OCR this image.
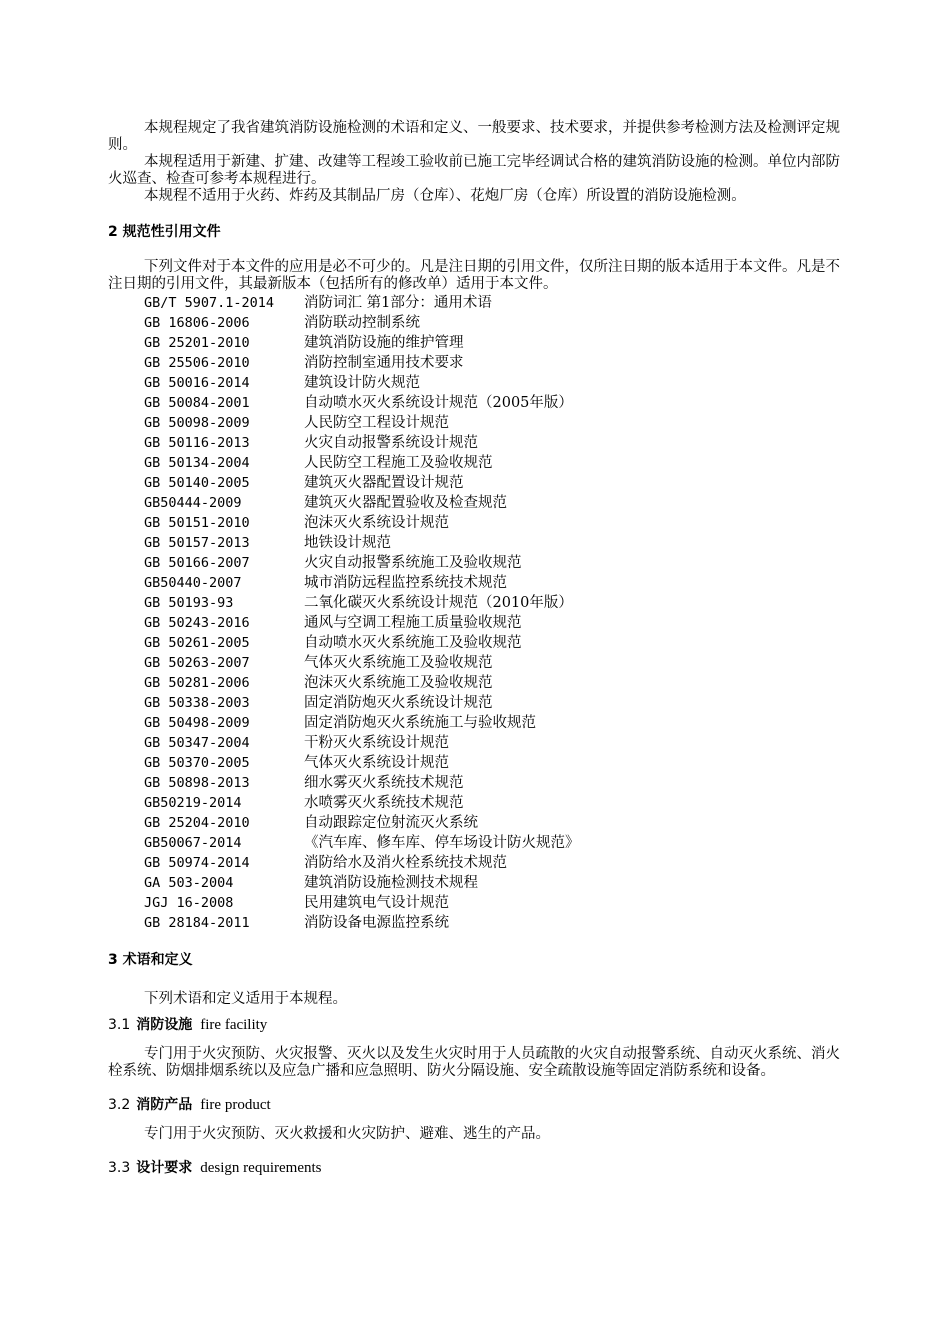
本规程规定了我省建筑消防设施检测的术语和定义、一般要求、技术要求，并提供参考检测方法及检测评定规则。

本规程适用于新建、扩建、改建等工程竣工验收前已施工完毕经调试合格的建筑消防设施的检测。单位内部防火巡查、检查可参考本规程进行。

本规程不适用于火药、炸药及其制品厂房（仓库）、花炮厂房（仓库）所设置的消防设施检测。

2 规范性引用文件

下列文件对于本文件的应用是必不可少的。凡是注日期的引用文件，仅所注日期的版本适用于本文件。凡是不注日期的引用文件，其最新版本（包括所有的修改单）适用于本文件。

GB/T 5907.1-2014	消防词汇 第1部分：通用术语
GB 16806-2006	消防联动控制系统
GB 25201-2010	建筑消防设施的维护管理
GB 25506-2010	消防控制室通用技术要求
GB 50016-2014	建筑设计防火规范
GB 50084-2001	自动喷水灭火系统设计规范（2005年版）
GB 50098-2009	人民防空工程设计规范
GB 50116-2013	火灾自动报警系统设计规范
GB 50134-2004	人民防空工程施工及验收规范
GB 50140-2005	建筑灭火器配置设计规范
GB50444-2009	建筑灭火器配置验收及检查规范
GB 50151-2010	泡沫灭火系统设计规范
GB 50157-2013	地铁设计规范
GB 50166-2007	火灾自动报警系统施工及验收规范
GB50440-2007	城市消防远程监控系统技术规范
GB 50193-93	二氧化碳灭火系统设计规范（2010年版）
GB 50243-2016	通风与空调工程施工质量验收规范
GB 50261-2005	自动喷水灭火系统施工及验收规范
GB 50263-2007	气体灭火系统施工及验收规范
GB 50281-2006	泡沫灭火系统施工及验收规范
GB 50338-2003	固定消防炮灭火系统设计规范
GB 50498-2009	固定消防炮灭火系统施工与验收规范
GB 50347-2004	干粉灭火系统设计规范
GB 50370-2005	气体灭火系统设计规范
GB 50898-2013	细水雾灭火系统技术规范
GB50219-2014	水喷雾灭火系统技术规范
GB 25204-2010	自动跟踪定位射流灭火系统
GB50067-2014	《汽车库、修车库、停车场设计防火规范》
GB 50974-2014	消防给水及消火栓系统技术规范
GA 503-2004	建筑消防设施检测技术规程
JGJ 16-2008	民用建筑电气设计规范
GB 28184-2011	消防设备电源监控系统
3 术语和定义

下列术语和定义适用于本规程。

3.1 消防设施 fire facility

专门用于火灾预防、火灾报警、灭火以及发生火灾时用于人员疏散的火灾自动报警系统、自动灭火系统、消火栓系统、防烟排烟系统以及应急广播和应急照明、防火分隔设施、安全疏散设施等固定消防系统和设备。

3.2 消防产品 fire product

专门用于火灾预防、灭火救援和火灾防护、避难、逃生的产品。

3.3 设计要求 design requirements
